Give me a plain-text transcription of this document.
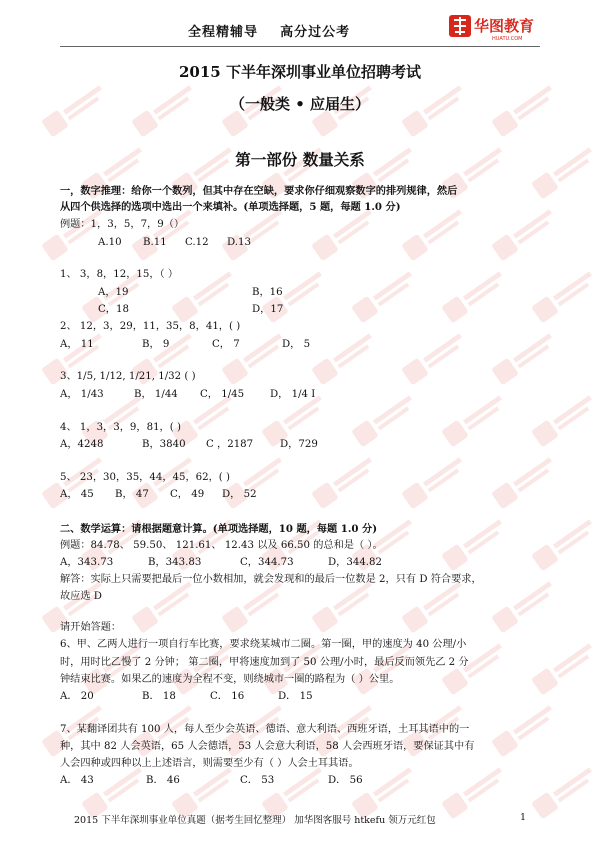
全程精辅导    高分过公考	华图教育
HUATU.COM
2015 下半年深圳事业单位招聘考试
（一般类 • 应届生）
第一部份 数量关系
一，数字推理：给你一个数列，但其中存在空缺，要求你仔细观察数字的排列规律，然后
从四个供选择的选项中选出一个来填补。(单项选择题，5 题，每题 1.0 分)
例题：1，3，5，7，9（）
A.10 B.11 C.12 D.13
1、 3，8，12，15，（ ）
A，19	B，16
C，18	D，17
2、 12，3，29，11，35，8，41，( )
A， 11	B， 9	C， 7	D， 5
3、1/5, 1/12, 1/21, 1/32 ( )
A， 1/43	B， 1/44 C， 1/45	D， 1/4 I
4、 1，3，3，9，81，( )
A，4248	B，3840 C ，2187	D，729
5、 23，30，35，44，45，62，( )
A， 45 B， 47 C， 49 D， 52
二、数学运算：请根据题意计算。(单项选择题，10 题，每题 1.0 分)
例题：84.78、 59.50、 121.61、 12.43 以及 66.50 的总和是（ ）。
A，343.73	B，343.83	C，344.73	D，344.82
解答：实际上只需要把最后一位小数相加，就会发现和的最后一位数是 2，只有 D 符合要求，
故应选 D
请开始答题：
6、甲、乙两人进行一项自行车比赛，要求绕某城市二圈。第一圈，甲的速度为 40 公理/小
时，用时比乙慢了 2 分钟； 第二圈，甲将速度加到了 50 公理/小时，最后反而领先乙 2 分
钟结束比赛。如果乙的速度为全程不变，则绕城市一圈的路程为（ ）公里。
A． 20	B． 18	C． 16	D． 15
7、某翻译团共有 100 人，每人至少会英语、德语、意大利语、西班牙语，土耳其语中的一
种，其中 82 人会英语，65 人会德语，53 人会意大利语，58 人会西班牙语，要保证其中有
人会四种或四种以上上述语言，则需要至少有（ ）人会土耳其语。
A． 43	B． 46	C． 53	D． 56
2015 下半年深圳事业单位真题（据考生回忆整理） 加华图客服号 htkefu 领万元红包	1
